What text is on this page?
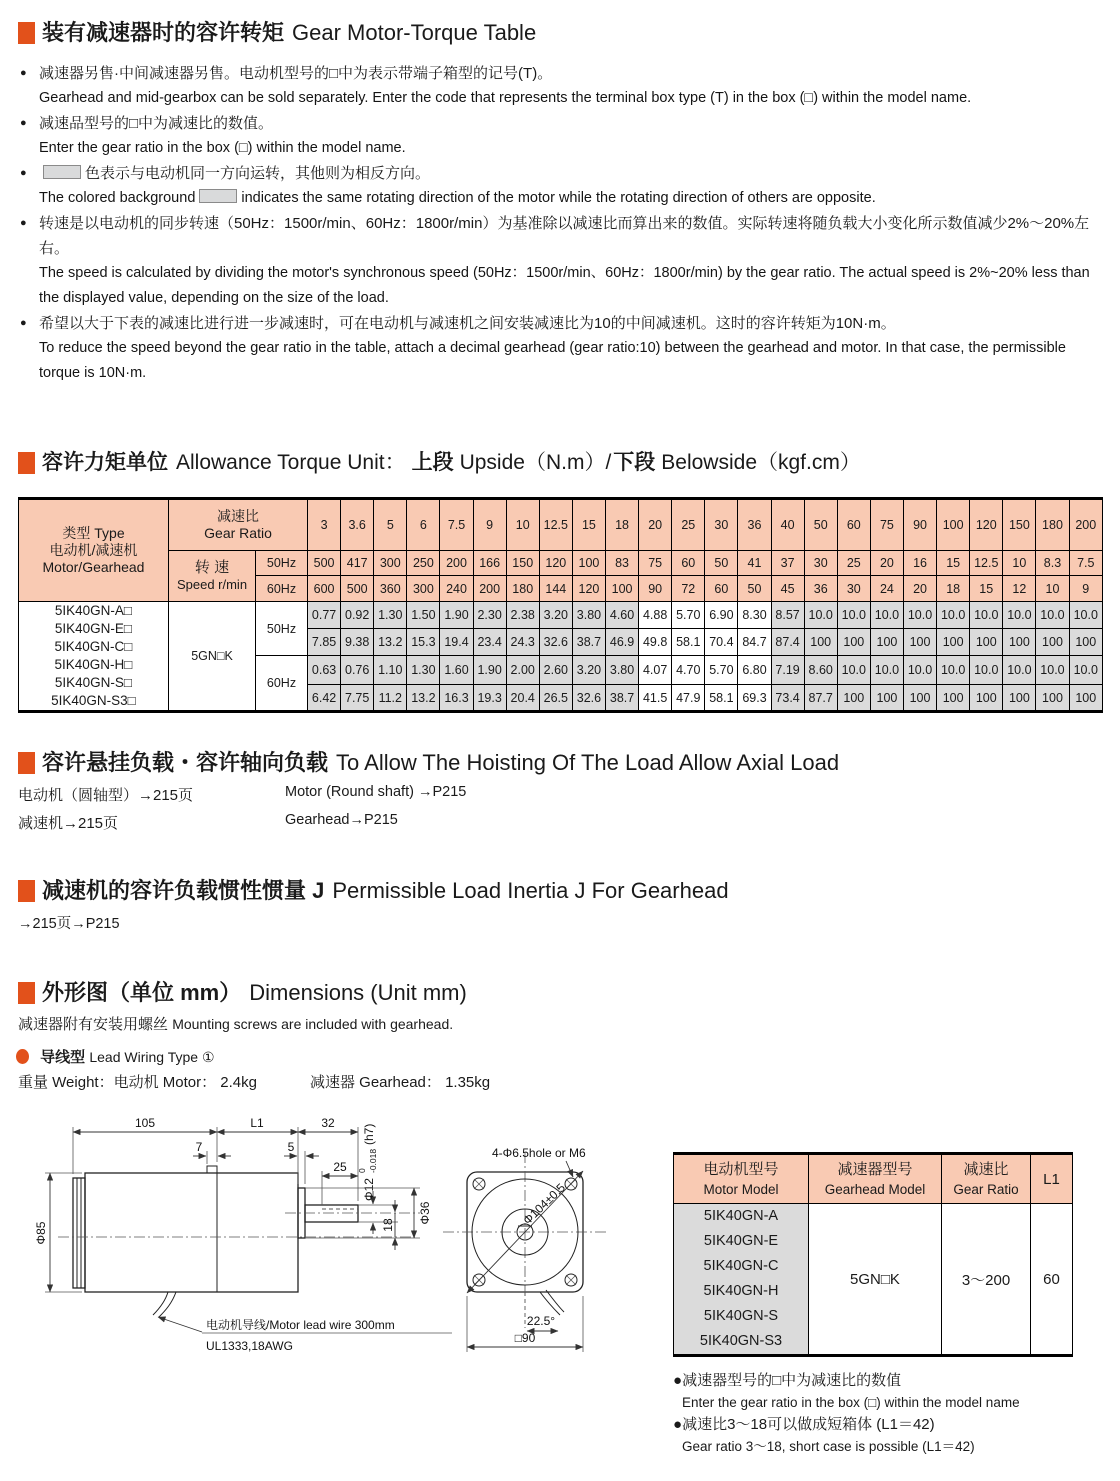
装有减速器时的容许转矩 Gear Motor-Torque Table
● 减速器另售·中间减速器另售。电动机型号的□中为表示带端子箱型的记号(T)。
Gearhead and mid-gearbox can be sold separately. Enter the code that represents the terminal box type (T) in the box (□) within the model name.
● 减速品型号的□中为减速比的数值。
Enter the gear ratio in the box (□) within the model name.
●	色表示与电动机同一方向运转，其他则为相反方向。
The colored background	indicates the same rotating direction of the motor while the rotating direction of others are opposite.
● 转速是以电动机的同步转速（50Hz：1500r/min、60Hz：1800r/min）为基准除以减速比而算出来的数值。实际转速将随负载大小变化所示数值减少2%～20%左右。
The speed is calculated by dividing the motor's synchronous speed (50Hz：1500r/min、60Hz：1800r/min) by the gear ratio. The actual speed is 2%~20% less than the displayed value, depending on the size of the load.
● 希望以大于下表的减速比进行进一步减速时，可在电动机与减速机之间安装减速比为10的中间减速机。这时的容许转矩为10N·m。
To reduce the speed beyond the gear ratio in the table, attach a decimal gearhead (gear ratio:10) between the gearhead and motor. In that case, the permissible torque is 10N·m.
容许力矩单位 Allowance Torque Unit： 上段 Upside（N.m）/ 下段 Belowside（kgf.cm）
类型 Type
电动机/减速机
Motor/Gearhead

减速比
Gear Ratio	3	3.6	5	6	7.5	9	10	12.5	15	18	20	25	30	36	40	50	60	75	90	100	120	150	180	200

	转 速
Speed r/min	50Hz	500	417	300	250	200	166	150	120	100	83	75	60	50	41	37	30	25	20	16	15	12.5	10	8.3	7.5
		60Hz	600	500	360	300	240	200	180	144	120	100	90	72	60	50	45	36	30	24	20	18	15	12	10	9

5IK40GN-A□
5IK40GN-E□
5IK40GN-C□
5IK40GN-H□
5IK40GN-S□
5IK40GN-S3□
	5GN□K	50Hz	0.77	0.92	1.30	1.50	1.90	2.30	2.38	3.20	3.80	4.60	4.88	5.70	6.90	8.30	8.57	10.0	10.0	10.0	10.0	10.0	10.0	10.0	10.0	10.0
			7.85	9.38	13.2	15.3	19.4	23.4	24.3	32.6	38.7	46.9	49.8	58.1	70.4	84.7	87.4	100	100	100	100	100	100	100	100	100
		60Hz	0.63	0.76	1.10	1.30	1.60	1.90	2.00	2.60	3.20	3.80	4.07	4.70	5.70	6.80	7.19	8.60	10.0	10.0	10.0	10.0	10.0	10.0	10.0	10.0
			6.42	7.75	11.2	13.2	16.3	19.3	20.4	26.5	32.6	38.7	41.5	47.9	58.1	69.3	73.4	87.7	100	100	100	100	100	100	100	100
容许悬挂负载・容许轴向负载 To Allow The Hoisting Of The Load Allow Axial Load
电动机（圆轴型）→215页	Motor (Round shaft) →P215
减速机→215页	Gearhead→P215
减速机的容许负载惯性惯量 J Permissible Load Inertia J For Gearhead
→215页→P215
外形图（单位 mm） Dimensions (Unit mm)
减速器附有安装用螺丝 Mounting screws are included with gearhead.
导线型 Lead Wiring Type ①
重量 Weight：电动机 Motor： 2.4kg	减速器 Gearhead： 1.35kg
105	L1	32
7	5
25
Φ85
Φ12
0 -0.018
(h7)
18
Φ36
电动机导线/Motor lead wire 300mm
UL1333,18AWG
Φ104±0.5
4-Φ6.5hole or M6
22.5°
□90
电动机型号
Motor Model

减速器型号
Gearhead Model

减速比
Gear Ratio
	L1

5IK40GN-A
5IK40GN-E
5IK40GN-C
5IK40GN-H
5IK40GN-S
5IK40GN-S3
	5GN□K	3～200	60
●减速器型号的□中为减速比的数值
Enter the gear ratio in the box (□) within the model name
●减速比3～18可以做成短箱体 (L1＝42)
Gear ratio 3～18, short case is possible (L1＝42)
